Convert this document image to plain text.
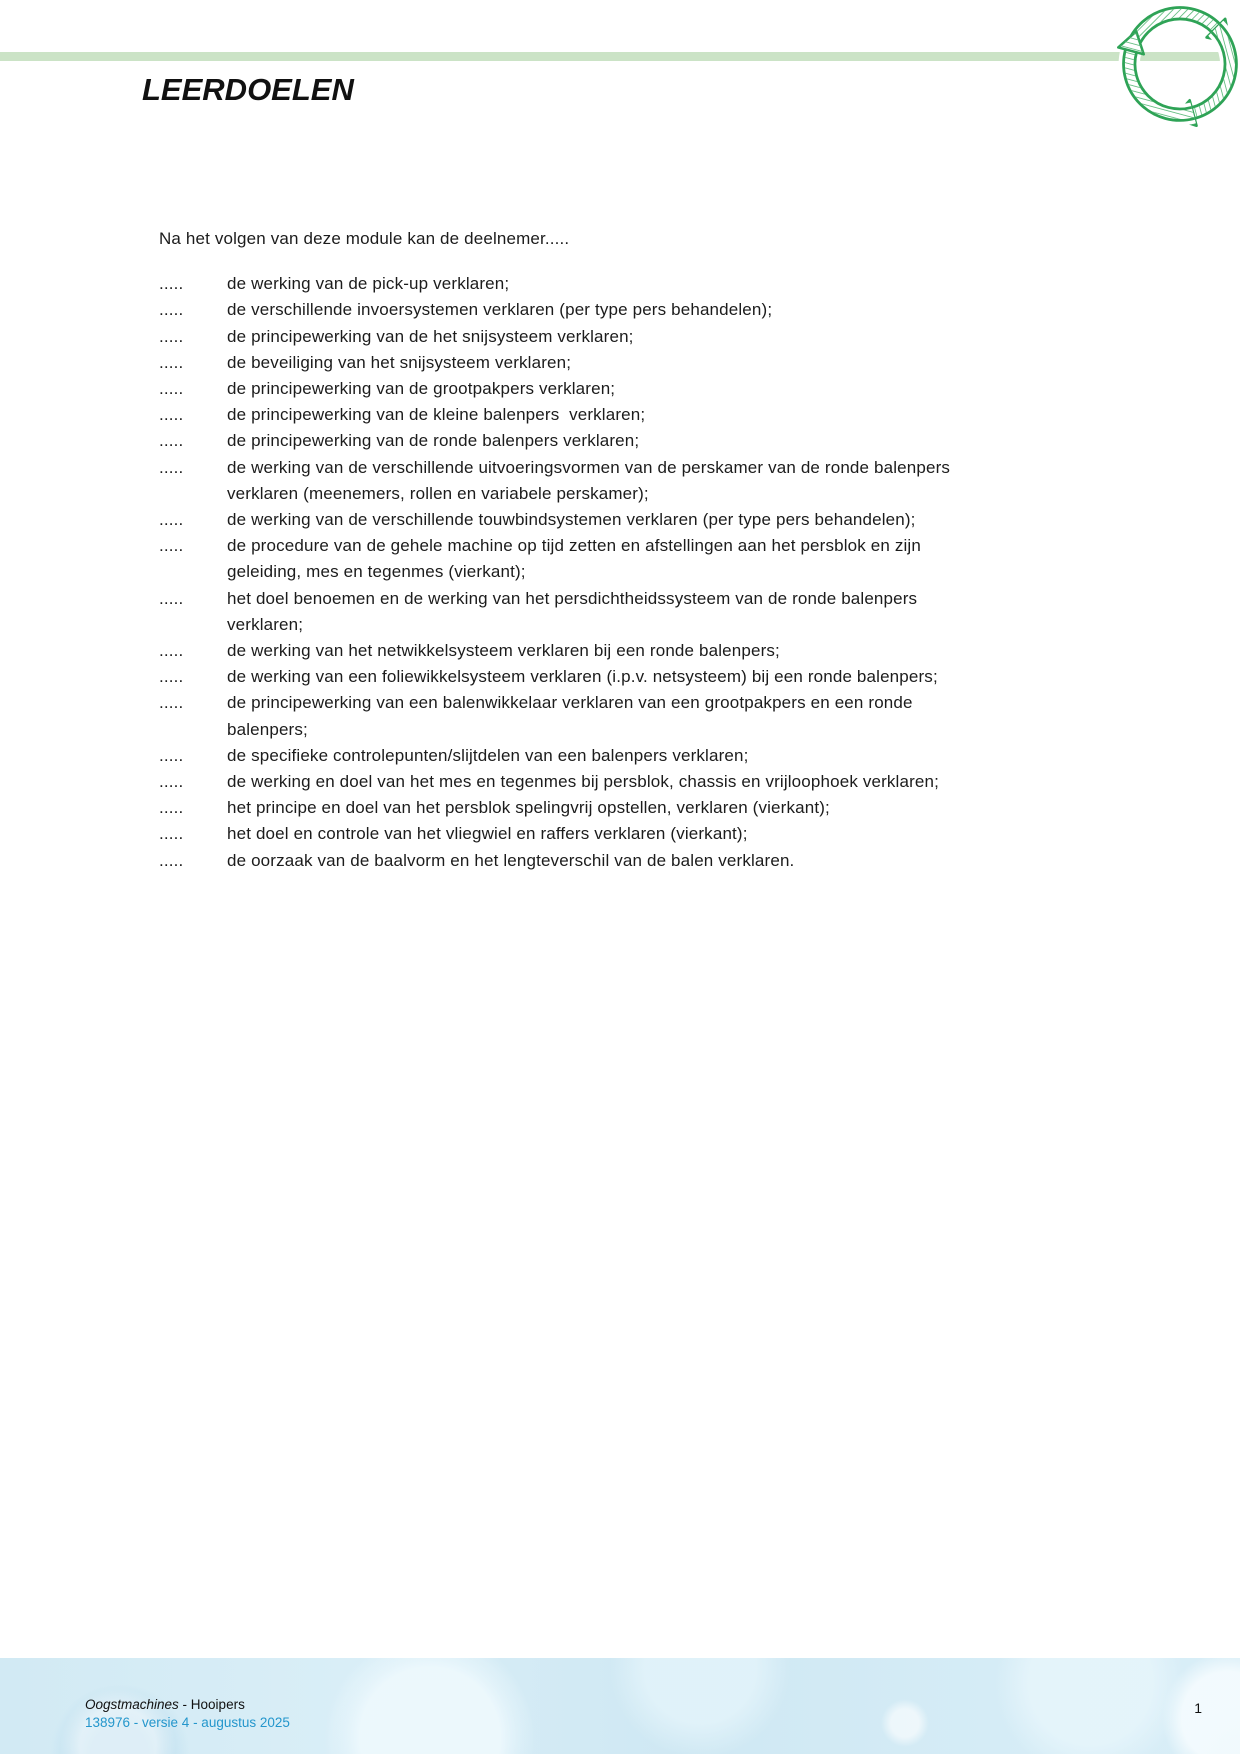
LEERDOELEN

Na het volgen van deze module kan de deelnemer.....

.....	de werking van de pick-up verklaren;
.....	de verschillende invoersystemen verklaren (per type pers behandelen);
.....	de principewerking van de het snijsysteem verklaren;
.....	de beveiliging van het snijsysteem verklaren;
.....	de principewerking van de grootpakpers verklaren;
.....	de principewerking van de kleine balenpers  verklaren;
.....	de principewerking van de ronde balenpers verklaren;
.....	de werking van de verschillende uitvoeringsvormen van de perskamer van de ronde balenpers
verklaren (meenemers, rollen en variabele perskamer);
.....	de werking van de verschillende touwbindsystemen verklaren (per type pers behandelen);
.....	de procedure van de gehele machine op tijd zetten en afstellingen aan het persblok en zijn
geleiding, mes en tegenmes (vierkant);
.....	het doel benoemen en de werking van het persdichtheidssysteem van de ronde balenpers
verklaren;
.....	de werking van het netwikkelsysteem verklaren bij een ronde balenpers;
.....	de werking van een foliewikkelsysteem verklaren (i.p.v. netsysteem) bij een ronde balenpers;
.....	de principewerking van een balenwikkelaar verklaren van een grootpakpers en een ronde
balenpers;
.....	de specifieke controlepunten/slijtdelen van een balenpers verklaren;
.....	de werking en doel van het mes en tegenmes bij persblok, chassis en vrijloophoek verklaren;
.....	het principe en doel van het persblok spelingvrij opstellen, verklaren (vierkant);
.....	het doel en controle van het vliegwiel en raffers verklaren (vierkant);
.....	de oorzaak van de baalvorm en het lengteverschil van de balen verklaren.
Oogstmachines - Hooipers
138976 - versie 4 - augustus 2025
1
